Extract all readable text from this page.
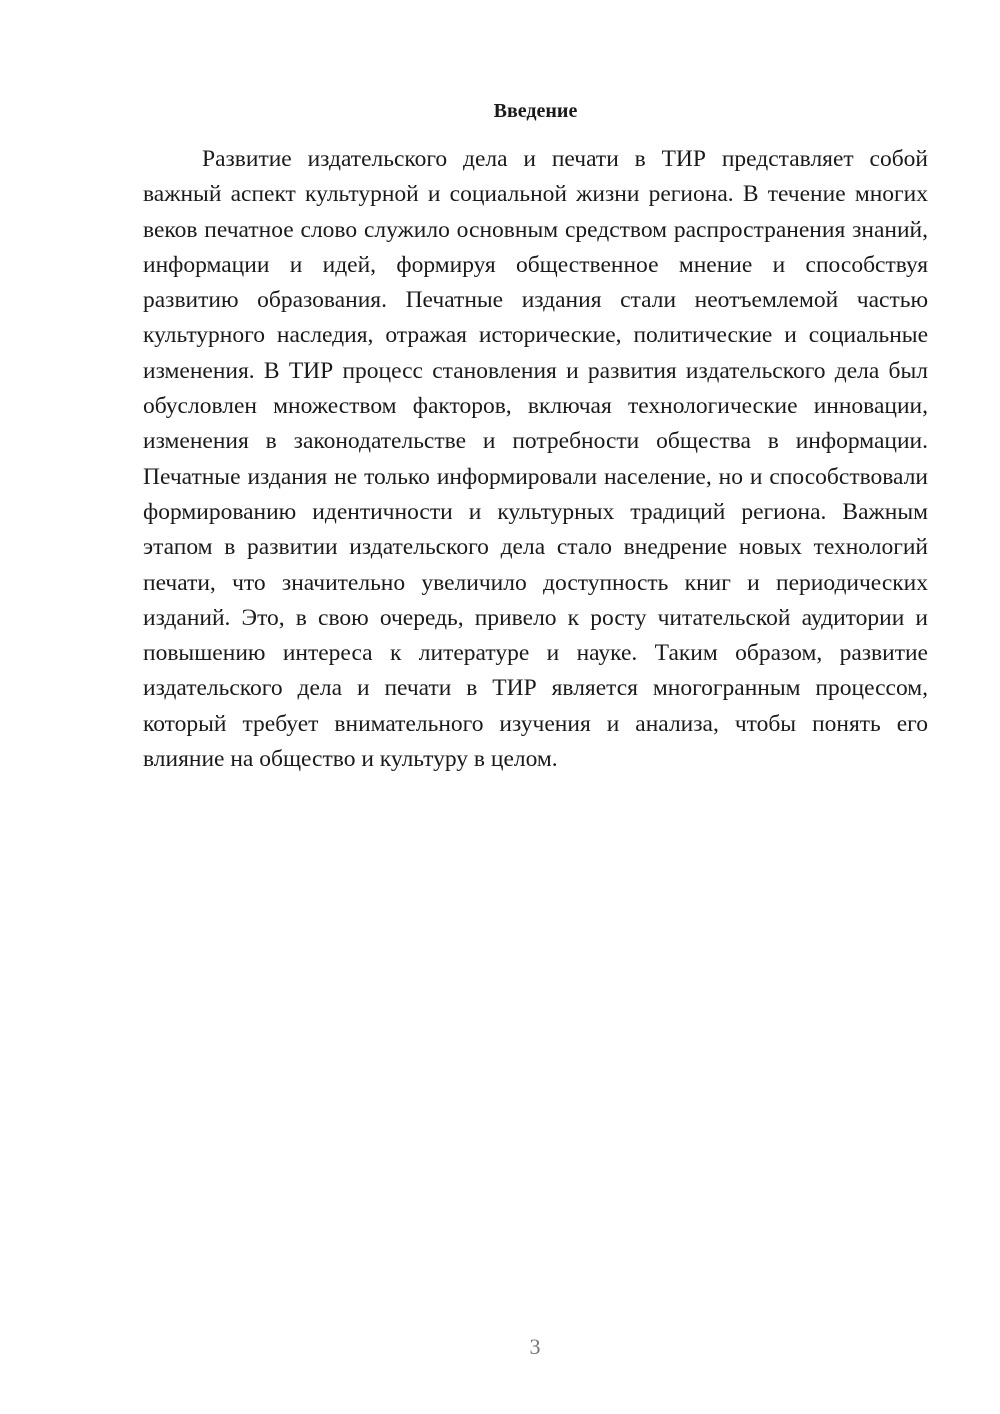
Введение

Развитие издательского дела и печати в ТИР представляет собой важный аспект культурной и социальной жизни региона. В течение многих веков печатное слово служило основным средством распространения знаний, информации и идей, формируя общественное мнение и способствуя развитию образования. Печатные издания стали неотъемлемой частью культурного наследия, отражая исторические, политические и социальные изменения. В ТИР процесс становления и развития издательского дела был обусловлен множеством факторов, включая технологические инновации, изменения в законодательстве и потребности общества в информации. Печатные издания не только информировали население, но и способствовали формированию идентичности и культурных традиций региона. Важным этапом в развитии издательского дела стало внедрение новых технологий печати, что значительно увеличило доступность книг и периодических изданий. Это, в свою очередь, привело к росту читательской аудитории и повышению интереса к литературе и науке. Таким образом, развитие издательского дела и печати в ТИР является многогранным процессом, который требует внимательного изучения и анализа, чтобы понять его влияние на общество и культуру в целом.

3
